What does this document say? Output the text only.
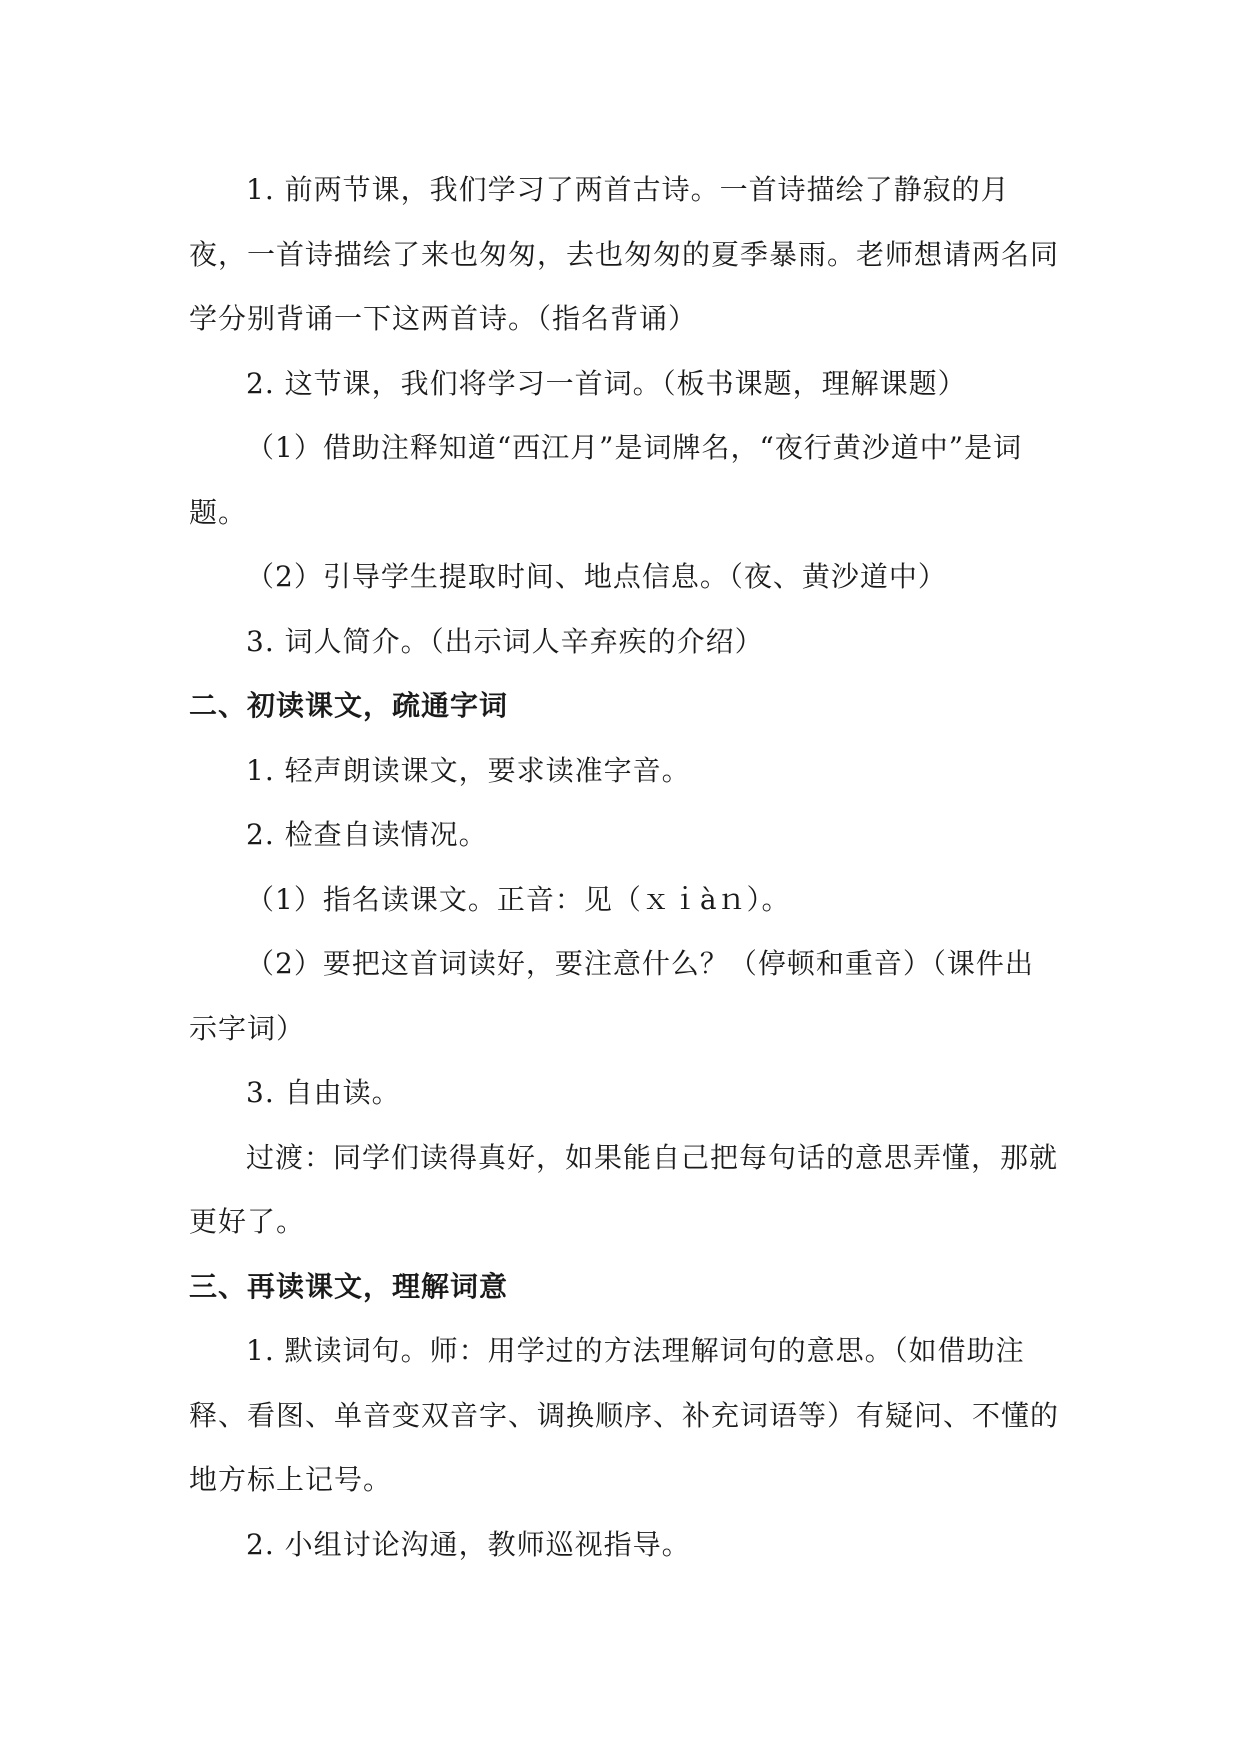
1. 前两节课，我们学习了两首古诗。一首诗描绘了静寂的月夜，一首诗描绘了来也匆匆，去也匆匆的夏季暴雨。老师想请两名同学分别背诵一下这两首诗。（指名背诵）

2. 这节课，我们将学习一首词。（板书课题，理解课题）

（1）借助注释知道“西江月”是词牌名，“夜行黄沙道中”是词题。

（2）引导学生提取时间、地点信息。（夜、黄沙道中）

3. 词人简介。（出示词人辛弃疾的介绍）

二、初读课文，疏通字词

1. 轻声朗读课文，要求读准字音。

2. 检查自读情况。

（1）指名读课文。正音：见（ｘｉàｎ）。

（2）要把这首词读好，要注意什么？（停顿和重音）（课件出示字词）

3. 自由读。

过渡：同学们读得真好，如果能自己把每句话的意思弄懂，那就更好了。

三、再读课文，理解词意

1. 默读词句。师：用学过的方法理解词句的意思。（如借助注释、看图、单音变双音字、调换顺序、补充词语等）有疑问、不懂的地方标上记号。

2. 小组讨论沟通，教师巡视指导。
